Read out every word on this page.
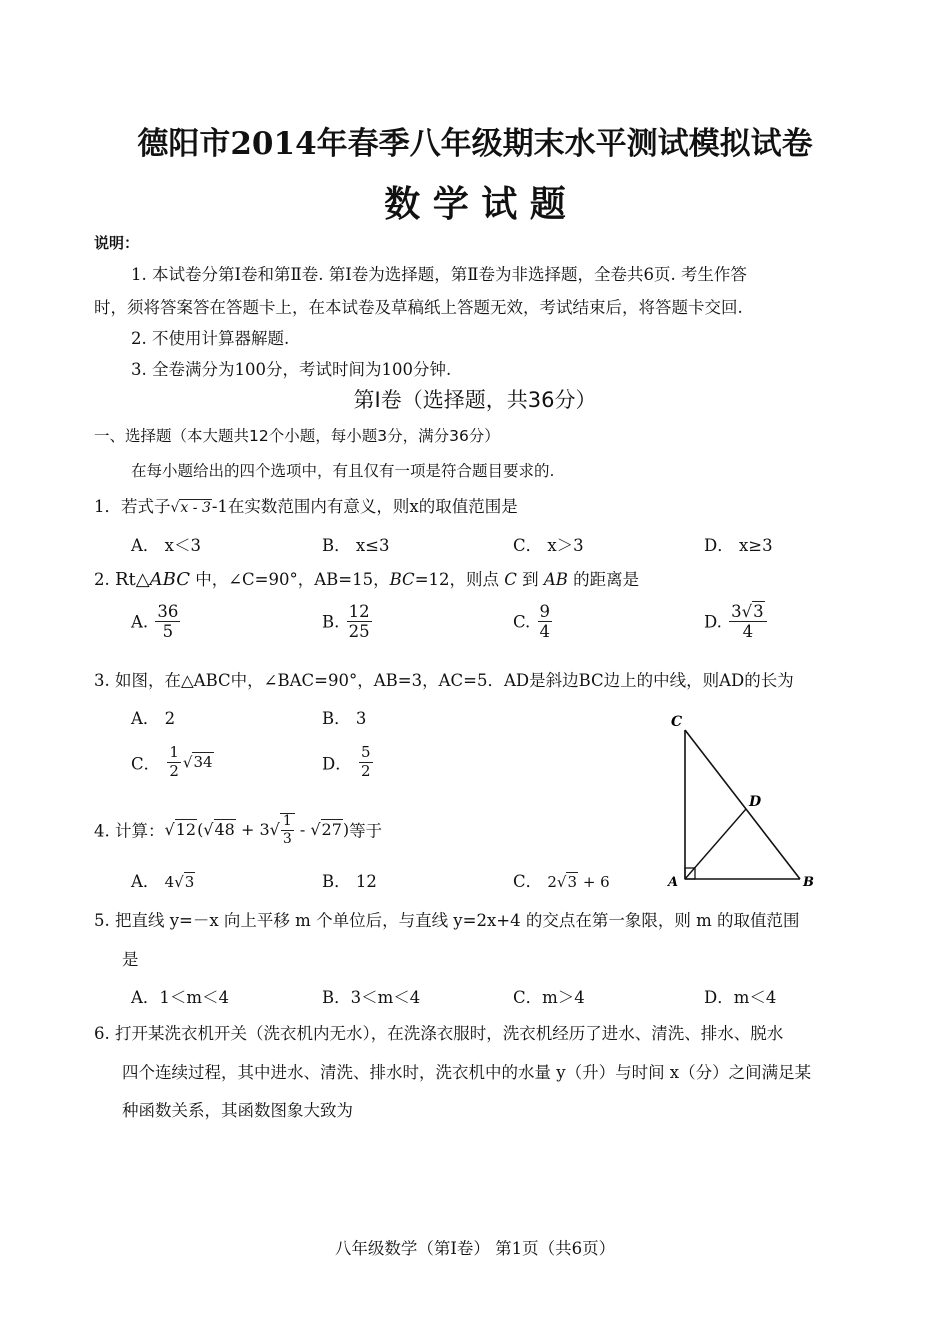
德阳市2014年春季八年级期末水平测试模拟试卷
数 学 试 题
说明：
1. 本试卷分第Ⅰ卷和第Ⅱ卷. 第Ⅰ卷为选择题，第Ⅱ卷为非选择题，全卷共6页. 考生作答
时，须将答案答在答题卡上，在本试卷及草稿纸上答题无效，考试结束后，将答题卡交回.
2. 不使用计算器解题.
3. 全卷满分为100分，考试时间为100分钟.
第Ⅰ卷（选择题，共36分）
一、选择题（本大题共12个小题，每小题3分，满分36分）
在每小题给出的四个选项中，有且仅有一项是符合题目要求的.
1．若式子√x - 3-1在实数范围内有意义，则x的取值范围是
A． x＜3	B． x≤3	C． x＞3	D． x≥3
2. Rt△ABC 中，∠C=90°，AB=15，BC=12，则点 C 到 AB 的距离是
A. $\frac{36}{5}$	B. $\frac{12}{25}$	C. $\frac{9}{4}$	D. $\frac{3√3}{4}$
3. 如图，在△ABC中，∠BAC=90°，AB=3，AC=5．AD是斜边BC边上的中线，则AD的长为
A． 2	B． 3
C． $\frac{1}{2} √34$	D． $\frac{5}{2}$
C
D
A	B
4. 计算：$√12(√48 + 3√ \frac{1}{3} - √27)$等于
A． 4√3	B． 12	C． 2√3 + 6
5. 把直线 y=－x 向上平移 m 个单位后，与直线 y=2x+4 的交点在第一象限，则 m 的取值范围
是
A．1＜m＜4	B．3＜m＜4	C．m＞4	D．m＜4
6. 打开某洗衣机开关（洗衣机内无水），在洗涤衣服时，洗衣机经历了进水、清洗、排水、脱水
四个连续过程，其中进水、清洗、排水时，洗衣机中的水量 y（升）与时间 x（分）之间满足某
种函数关系，其函数图象大致为
八年级数学（第Ⅰ卷） 第1页（共6页）
